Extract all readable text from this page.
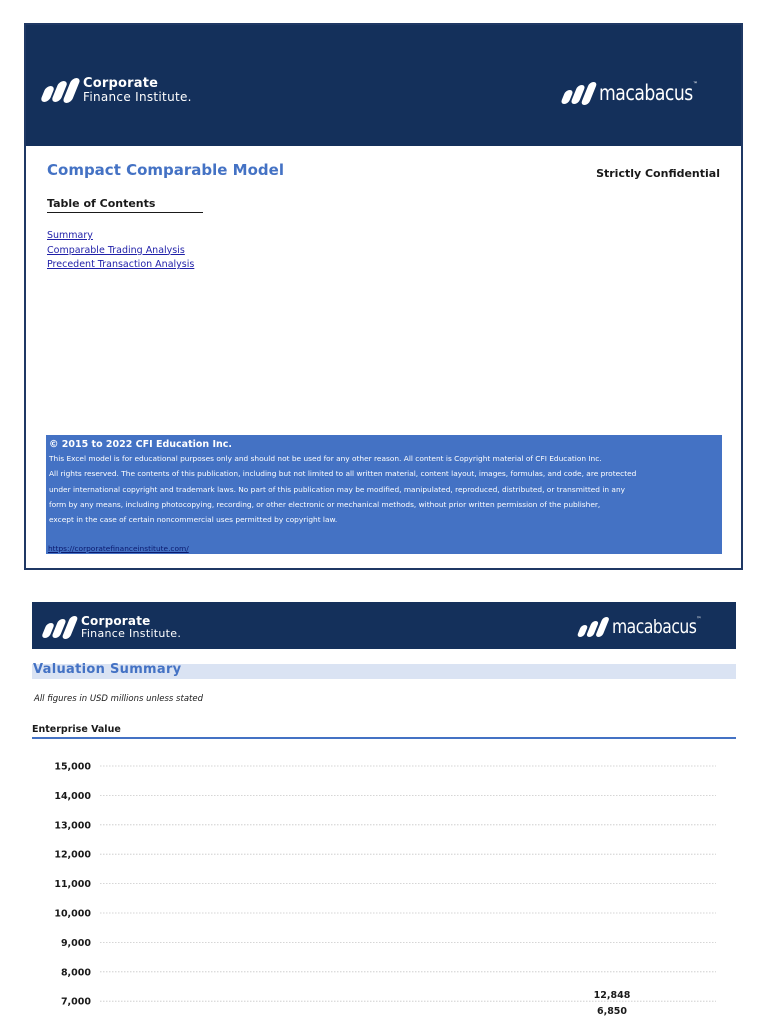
Corporate
Finance Institute.	macabacus™
Compact Comparable Model	Strictly Confidential
Table of Contents
Summary
Comparable Trading Analysis
Precedent Transaction Analysis
© 2015 to 2022 CFI Education Inc.
This Excel model is for educational purposes only and should not be used for any other reason. All content is Copyright material of CFI Education Inc.
All rights reserved. The contents of this publication, including but not limited to all written material, content layout, images, formulas, and code, are protected
under international copyright and trademark laws. No part of this publication may be modified, manipulated, reproduced, distributed, or transmitted in any
form by any means, including photocopying, recording, or other electronic or mechanical methods, without prior written permission of the publisher,
except in the case of certain noncommercial uses permitted by copyright law.
https://corporatefinanceinstitute.com/
Corporate
Finance Institute.	macabacus™
Valuation Summary
All figures in USD millions unless stated
Enterprise Value
15,000
14,000
13,000
12,000
11,000
10,000
9,000
8,000
7,000
12,848
6,850
